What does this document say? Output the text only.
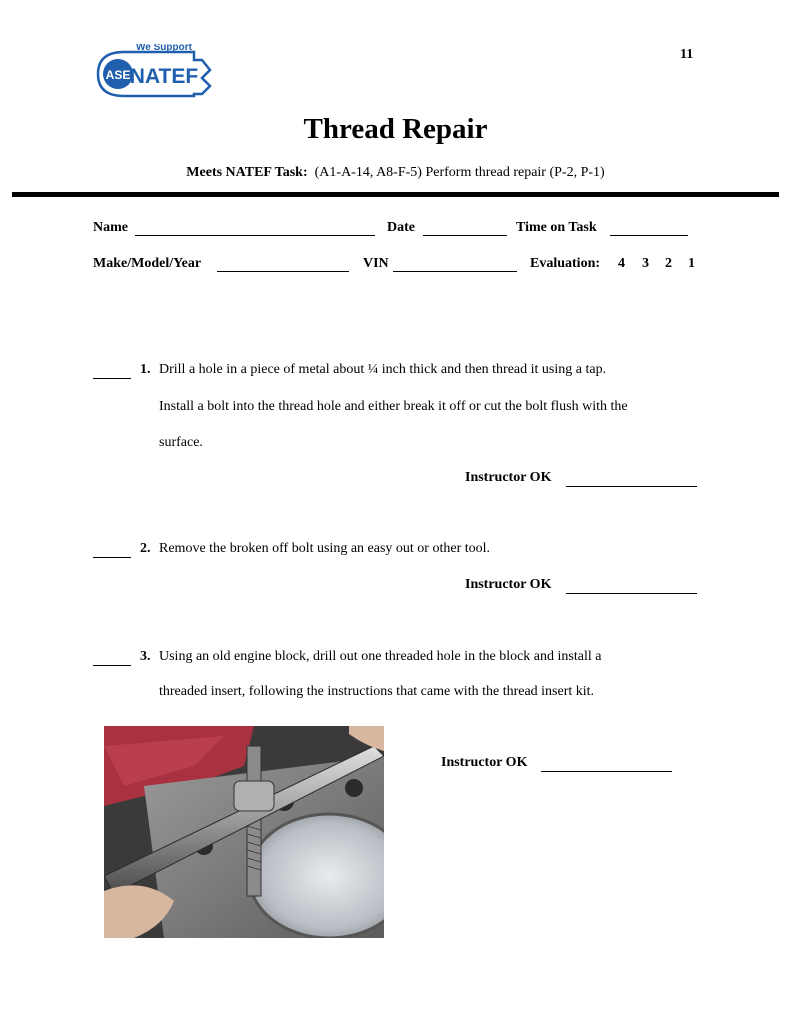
ASE
We Support
NATEF
11
Thread Repair
Meets NATEF Task: (A1-A-14, A8-F-5) Perform thread repair (P-2, P-1)
Name	Date	Time on Task
Make/Model/Year	VIN	Evaluation: 4 3 2 1
1. Drill a hole in a piece of metal about ¼ inch thick and then thread it using a tap.
Install a bolt into the thread hole and either break it off or cut the bolt flush with the
surface.
Instructor OK
2. Remove the broken off bolt using an easy out or other tool.
Instructor OK
3. Using an old engine block, drill out one threaded hole in the block and install a
threaded insert, following the instructions that came with the thread insert kit.
Instructor OK
